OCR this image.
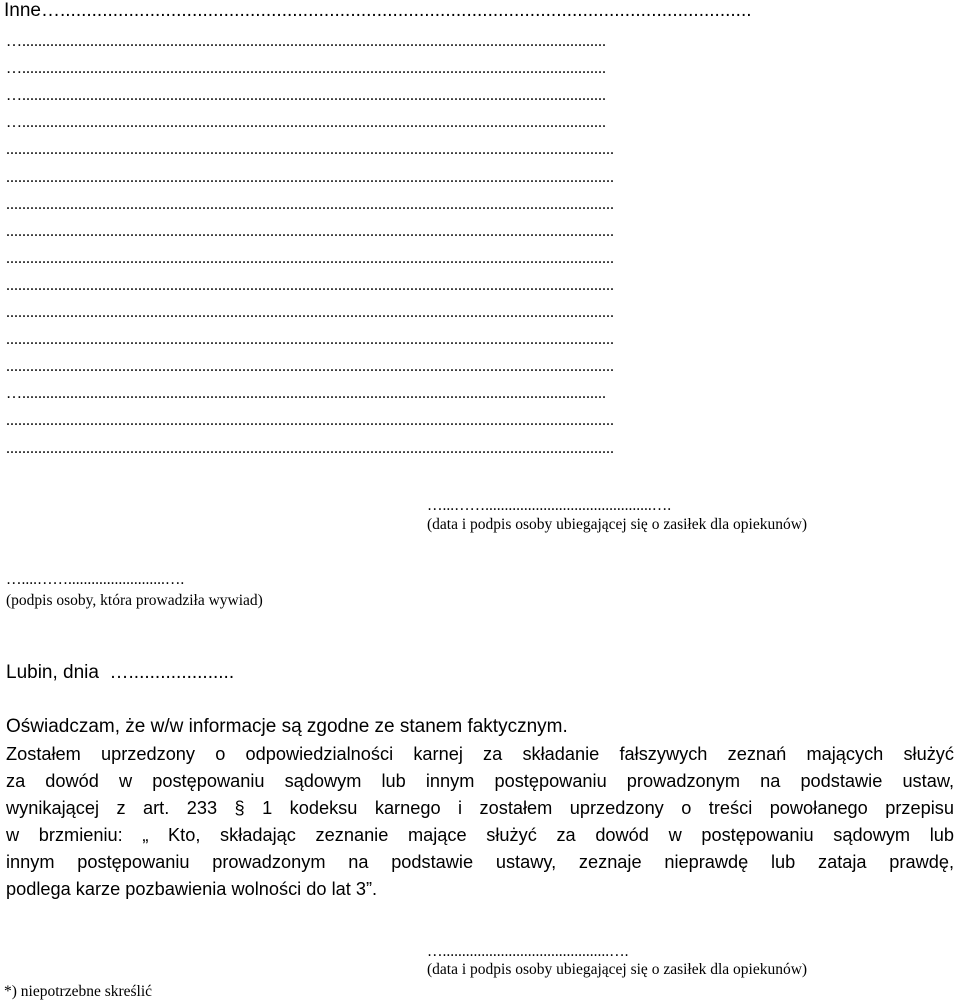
Inne…...................................................................................................................................
…..................................................................................................................................................
…..................................................................................................................................................
…..................................................................................................................................................
…..................................................................................................................................................
........................................................................................................................................................
........................................................................................................................................................
........................................................................................................................................................
........................................................................................................................................................
........................................................................................................................................................
........................................................................................................................................................
........................................................................................................................................................
........................................................................................................................................................
........................................................................................................................................................
…..................................................................................................................................................
........................................................................................................................................................
........................................................................................................................................................
…...……...........................................….
(data i podpis osoby ubiegającej się o zasiłek dla opiekunów)
…....…….........................….
(podpis osoby, która prowadziła wywiad)
Lubin, dnia  …....................
Oświadczam, że w/w informacje są zgodne ze stanem faktycznym.
Zostałem uprzedzony o odpowiedzialności karnej za składanie fałszywych zeznań mających służyć
za dowód w postępowaniu sądowym lub innym postępowaniu prowadzonym na podstawie ustaw,
wynikającej z art. 233 § 1 kodeksu karnego i zostałem uprzedzony o treści powołanego przepisu
w brzmieniu: „ Kto, składając zeznanie mające służyć za dowód w postępowaniu sądowym lub
innym postępowaniu prowadzonym na podstawie ustawy, zeznaje nieprawdę lub zataja prawdę,
podlega karze pozbawienia wolności do lat 3”.
…...........................................….
(data i podpis osoby ubiegającej się o zasiłek dla opiekunów)
*) niepotrzebne skreślić
